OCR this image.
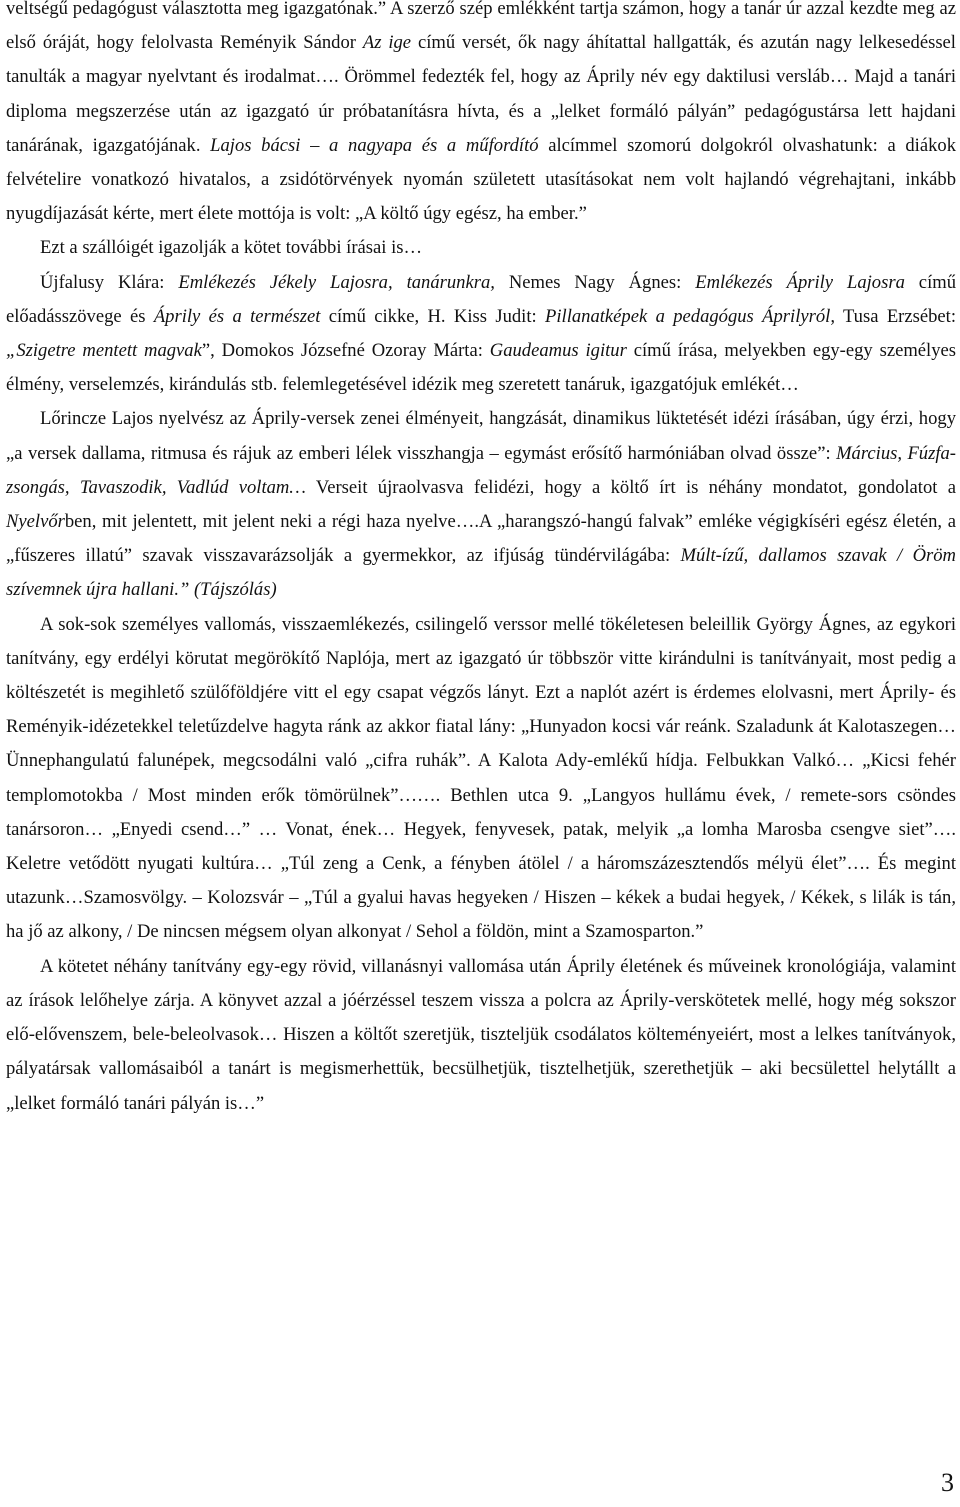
veltségű pedagógust választotta meg igazgatónak.” A szerző szép emlékként tartja számon, hogy a tanár úr azzal kezdte meg az első óráját, hogy felolvasta Reményik Sándor Az ige című versét, ők nagy áhítattal hallgatták, és azután nagy lelkesedéssel tanulták a magyar nyelvtant és irodalmat…. Örömmel fedezték fel, hogy az Áprily név egy daktilusi versláb… Majd a tanári diploma megszerzése után az igazgató úr próbatanításra hívta, és a „lelket formáló pályán” pedagógustársa lett hajdani tanárának, igazgatójának. Lajos bácsi – a nagyapa és a műfordító alcímmel szomorú dolgokról olvashatunk: a diákok felvételire vonatkozó hivatalos, a zsidótörvények nyomán született utasításokat nem volt hajlandó végrehajtani, inkább nyugdíjazását kérte, mert élete mottója is volt: „A költő úgy egész, ha ember.”

Ezt a szállóigét igazolják a kötet további írásai is…

Újfalusy Klára: Emlékezés Jékely Lajosra, tanárunkra, Nemes Nagy Ágnes: Emlékezés Áprily Lajosra című előadásszövege és Áprily és a természet című cikke, H. Kiss Judit: Pillanatképek a pedagógus Áprilyról, Tusa Erzsébet: „Szigetre mentett magvak”, Domokos Józsefné Ozoray Márta: Gaudeamus igitur című írása, melyekben egy-egy személyes élmény, verselemzés, kirándulás stb. felemlegetésével idézik meg szeretett tanáruk, igazgatójuk emlékét…

Lőrincze Lajos nyelvész az Áprily-versek zenei élményeit, hangzását, dinamikus lüktetését idézi írásában, úgy érzi, hogy „a versek dallama, ritmusa és rájuk az emberi lélek visszhangja – egymást erősítő harmóniában olvad össze”: Március, Fúzfa-zsongás, Tavaszodik, Vadlúd voltam… Verseit újraolvasva felidézi, hogy a költő írt is néhány mondatot, gondolatot a Nyelvőrben, mit jelentett, mit jelent neki a régi haza nyelve….A „harangszó-hangú falvak” emléke végigkíséri egész életén, a „fűszeres illatú” szavak visszavarázsolják a gyermekkor, az ifjúság tündérvilágába: Múlt-ízű, dallamos szavak / Öröm szívemnek újra hallani.” (Tájszólás)

A sok-sok személyes vallomás, visszaemlékezés, csilingelő verssor mellé tökéletesen beleillik György Ágnes, az egykori tanítvány, egy erdélyi körutat megörökítő Naplója, mert az igazgató úr többször vitte kirándulni is tanítványait, most pedig a költészetét is megihlető szülőföldjére vitt el egy csapat végzős lányt. Ezt a naplót azért is érdemes elolvasni, mert Áprily- és Reményik-idézetekkel teletűzdelve hagyta ránk az akkor fiatal lány: „Hunyadon kocsi vár reánk. Szaladunk át Kalotaszegen… Ünnephangulatú falunépek, megcsodálni való „cifra ruhák”. A Kalota Ady-emlékű hídja. Felbukkan Valkó… „Kicsi fehér templomotokba / Most minden erők tömörülnek”……. Bethlen utca 9. „Langyos hullámu évek, / remete-sors csöndes tanársoron… „Enyedi csend…” … Vonat, ének… Hegyek, fenyvesek, patak, melyik „a lomha Marosba csengve siet”…. Keletre vetődött nyugati kultúra… „Túl zeng a Cenk, a fényben átölel / a háromszázesztendős mélyü élet”…. És megint utazunk…Szamosvölgy. – Kolozsvár – „Túl a gyalui havas hegyeken / Hiszen – kékek a budai hegyek, / Kékek, s lilák is tán, ha jő az alkony, / De nincsen mégsem olyan alkonyat / Sehol a földön, mint a Szamosparton.”

A kötetet néhány tanítvány egy-egy rövid, villanásnyi vallomása után Áprily életének és műveinek kronológiája, valamint az írások lelőhelye zárja. A könyvet azzal a jóérzéssel teszem vissza a polcra az Áprily-verskötetek mellé, hogy még sokszor elő-elővenszem, bele-beleolvasok… Hiszen a költőt szeretjük, tiszteljük csodálatos költeményeiért, most a lelkes tanítványok, pályatársak vallomásaiból a tanárt is megismerhettük, becsülhetjük, tisztelhetjük, szerethetjük – aki becsülettel helytállt a „lelket formáló tanári pályán is…”

3
